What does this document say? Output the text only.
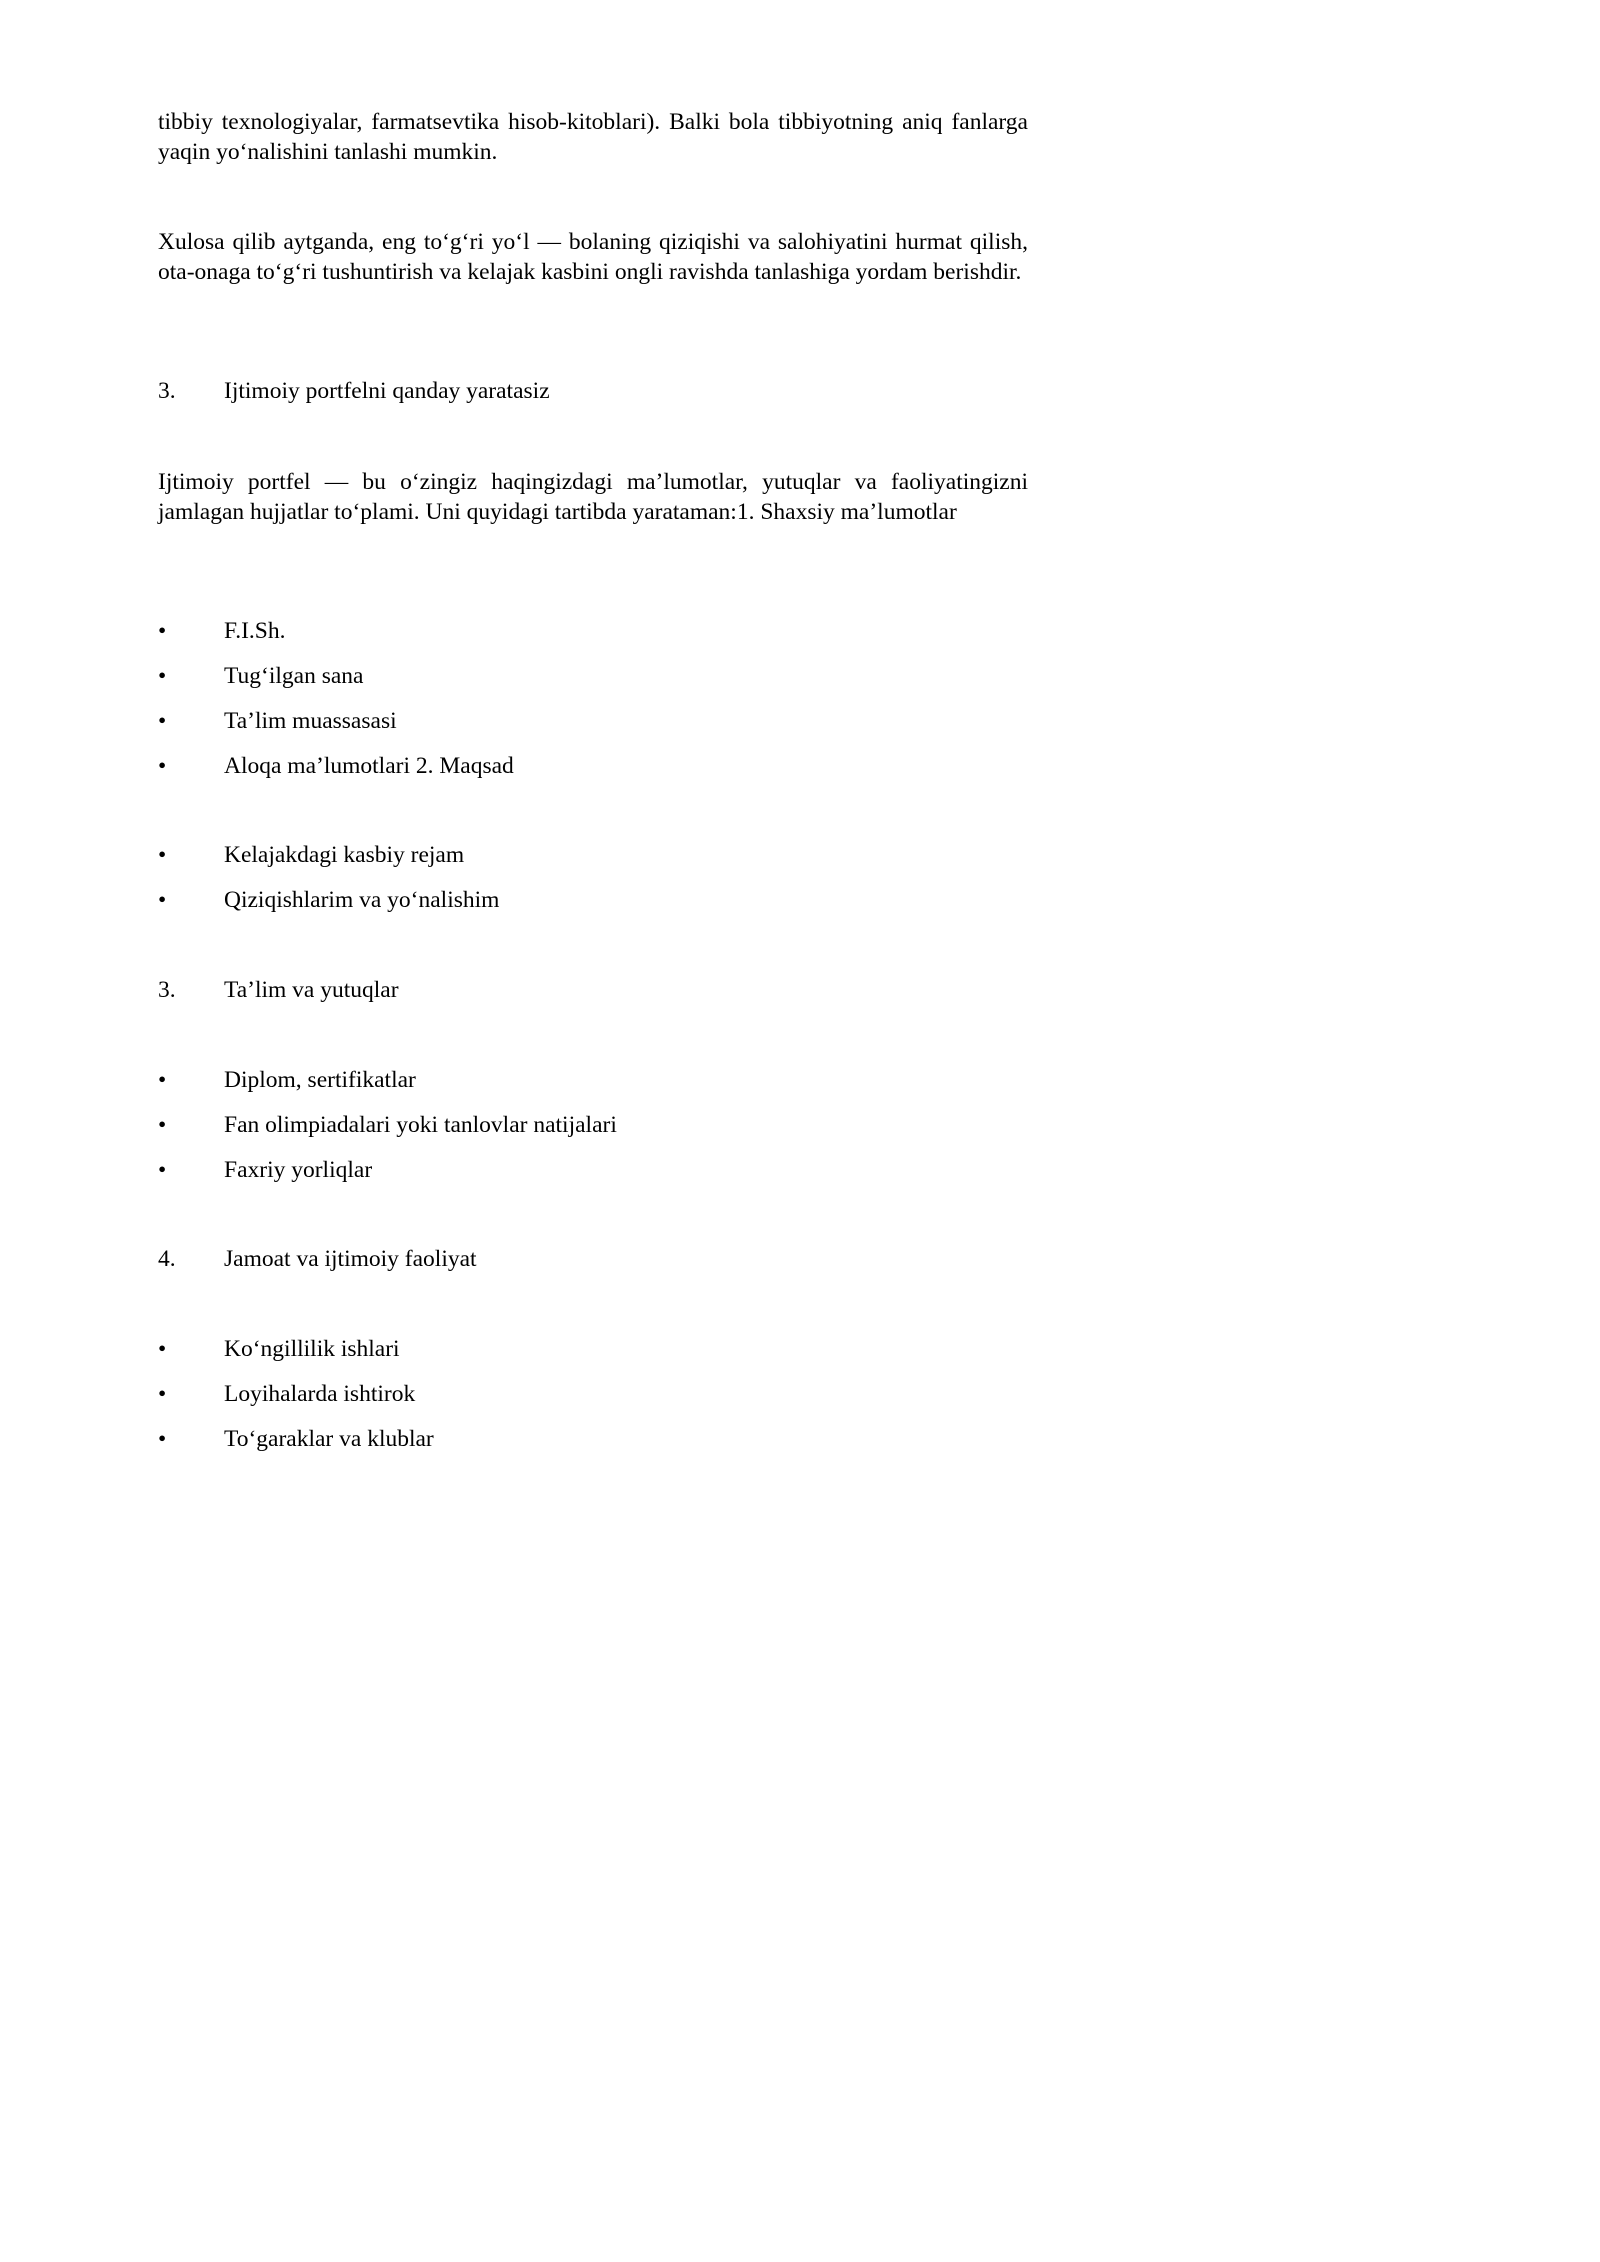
tibbiy texnologiyalar, farmatsevtika hisob-kitoblari). Balki bola tibbiyotning aniq fanlarga yaqin yo‘nalishini tanlashi mumkin.

Xulosa qilib aytganda, eng to‘g‘ri yo‘l — bolaning qiziqishi va salohiyatini hurmat qilish, ota-onaga to‘g‘ri tushuntirish va kelajak kasbini ongli ravishda tanlashiga yordam berishdir.

3. Ijtimoiy portfelni qanday yaratasiz

Ijtimoiy portfel — bu o‘zingiz haqingizdagi ma’lumotlar, yutuqlar va faoliyatingizni jamlagan hujjatlar to‘plami. Uni quyidagi tartibda yarataman:1. Shaxsiy ma’lumotlar

• F.I.Sh.
• Tug‘ilgan sana
• Ta’lim muassasasi
• Aloqa ma’lumotlari 2. Maqsad
• Kelajakdagi kasbiy rejam
• Qiziqishlarim va yo‘nalishim
3. Ta’lim va yutuqlar
• Diplom, sertifikatlar
• Fan olimpiadalari yoki tanlovlar natijalari
• Faxriy yorliqlar
4. Jamoat va ijtimoiy faoliyat
• Ko‘ngillilik ishlari
• Loyihalarda ishtirok
• To‘garaklar va klublar
